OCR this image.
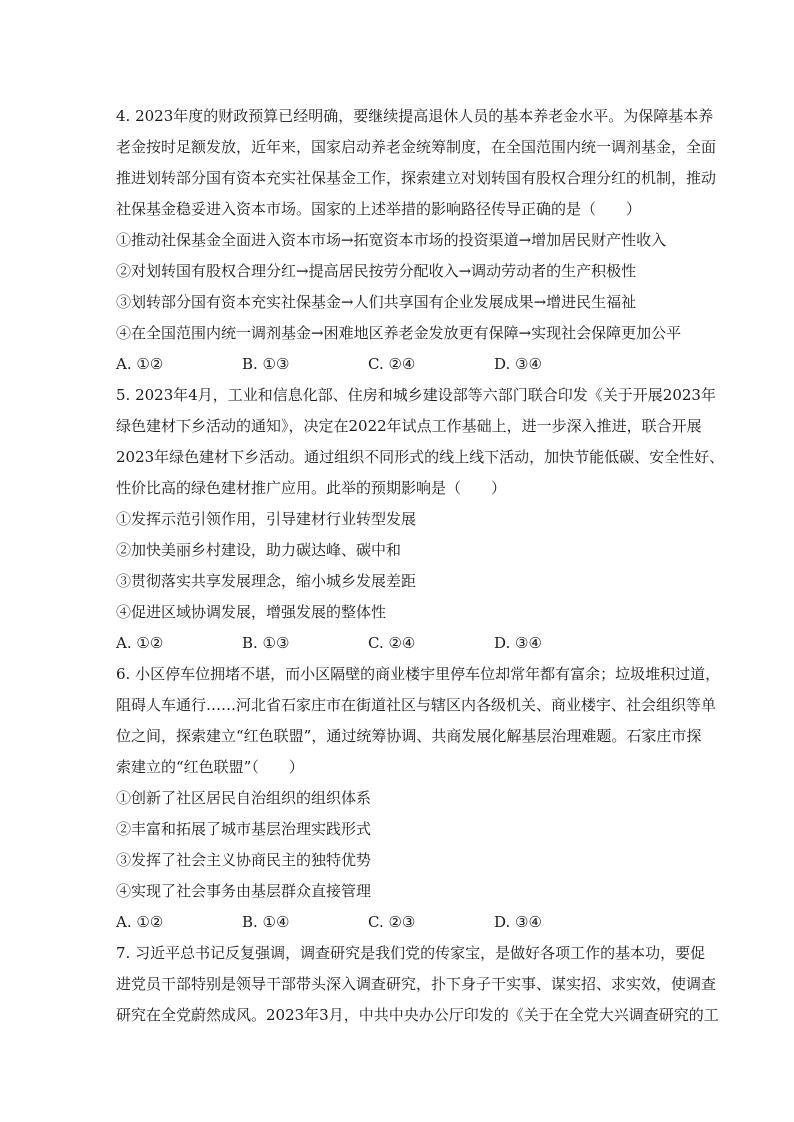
4. 2023年度的财政预算已经明确，要继续提高退休人员的基本养老金水平。为保障基本养

老金按时足额发放，近年来，国家启动养老金统筹制度，在全国范围内统一调剂基金，全面

推进划转部分国有资本充实社保基金工作，探索建立对划转国有股权合理分红的机制，推动

社保基金稳妥进入资本市场。国家的上述举措的影响路径传导正确的是（　　）

①推动社保基金全面进入资本市场→拓宽资本市场的投资渠道→增加居民财产性收入

②对划转国有股权合理分红→提高居民按劳分配收入→调动劳动者的生产积极性

③划转部分国有资本充实社保基金→人们共享国有企业发展成果→增进民生福祉

④在全国范围内统一调剂基金→困难地区养老金发放更有保障→实现社会保障更加公平

A. ①②	B. ①③	C. ②④	D. ③④

5. 2023年4月，工业和信息化部、住房和城乡建设部等六部门联合印发《关于开展2023年

绿色建材下乡活动的通知》，决定在2022年试点工作基础上，进一步深入推进，联合开展

2023年绿色建材下乡活动。通过组织不同形式的线上线下活动，加快节能低碳、安全性好、

性价比高的绿色建材推广应用。此举的预期影响是（　　）

①发挥示范引领作用，引导建材行业转型发展

②加快美丽乡村建设，助力碳达峰、碳中和

③贯彻落实共享发展理念，缩小城乡发展差距

④促进区域协调发展，增强发展的整体性

A. ①②	B. ①③	C. ②④	D. ③④

6. 小区停车位拥堵不堪，而小区隔壁的商业楼宇里停车位却常年都有富余；垃圾堆积过道，

阻碍人车通行……河北省石家庄市在街道社区与辖区内各级机关、商业楼宇、社会组织等单

位之间，探索建立“红色联盟”，通过统筹协调、共商发展化解基层治理难题。石家庄市探

索建立的“红色联盟”（　　）

①创新了社区居民自治组织的组织体系

②丰富和拓展了城市基层治理实践形式

③发挥了社会主义协商民主的独特优势

④实现了社会事务由基层群众直接管理

A. ①②	B. ①④	C. ②③	D. ③④

7. 习近平总书记反复强调，调查研究是我们党的传家宝，是做好各项工作的基本功，要促

进党员干部特别是领导干部带头深入调查研究，扑下身子干实事、谋实招、求实效，使调查

研究在全党蔚然成风。2023年3月，中共中央办公厅印发的《关于在全党大兴调查研究的工
